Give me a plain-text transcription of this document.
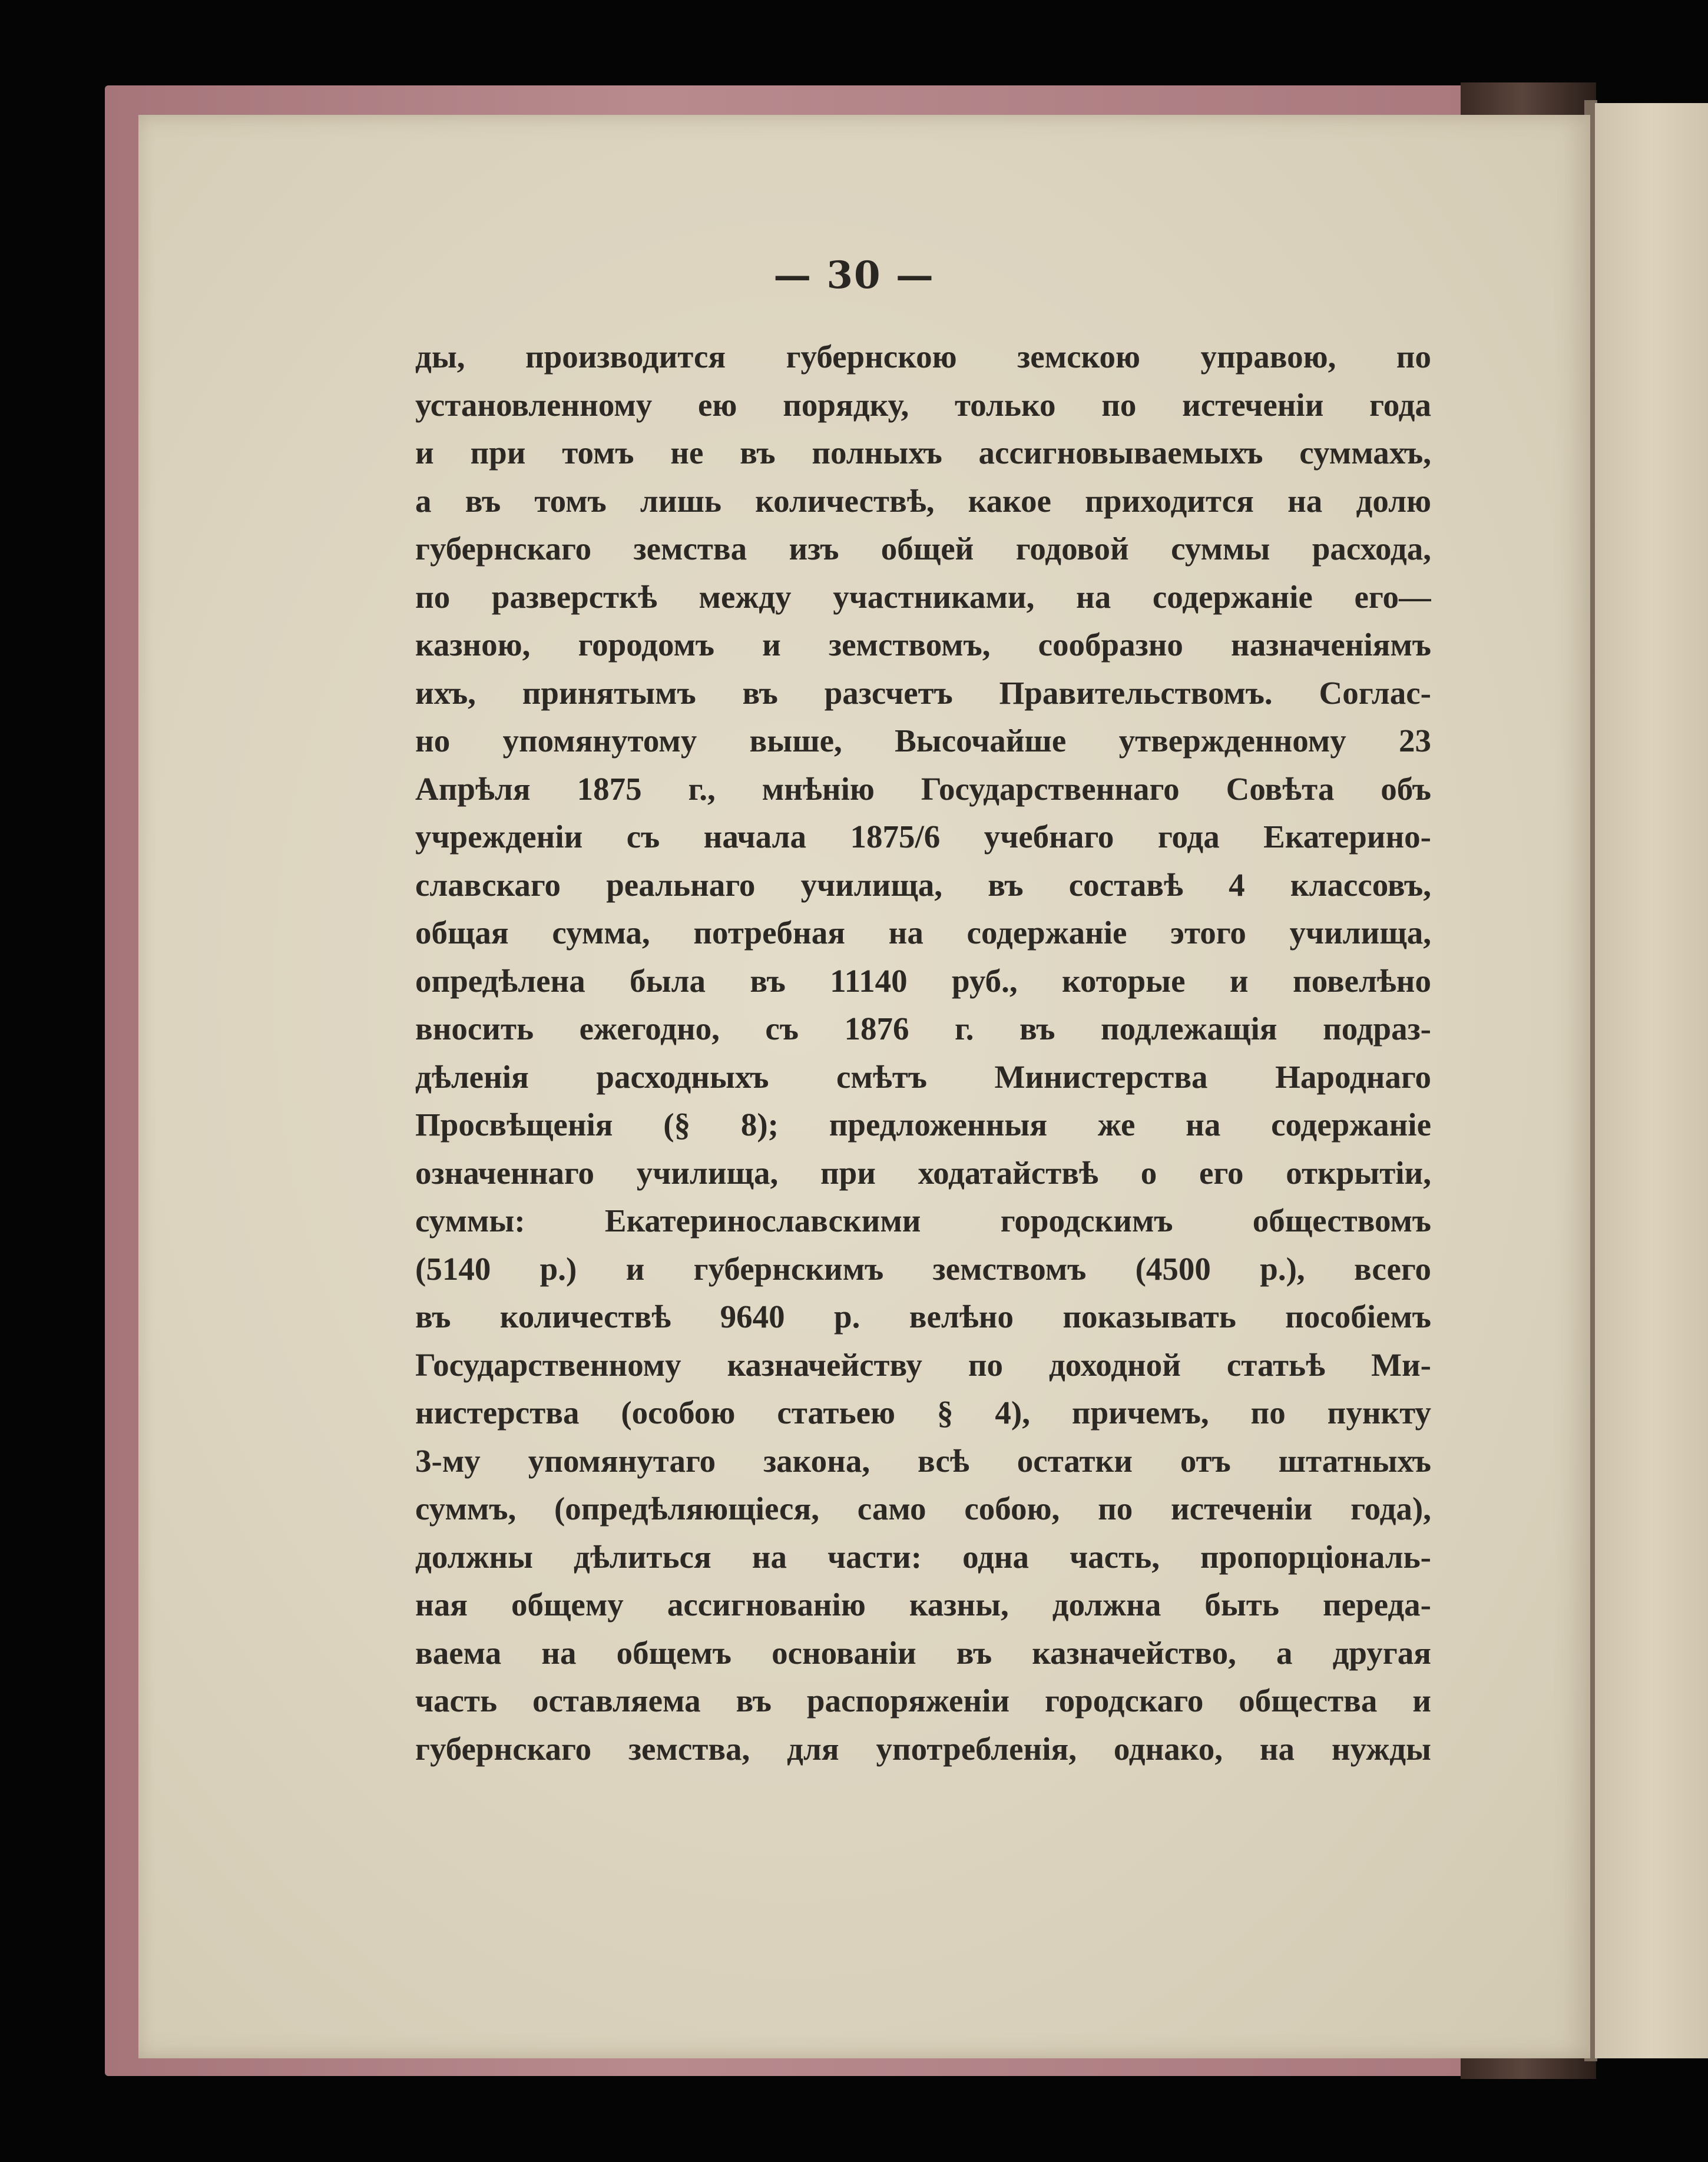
— 30 —
ды, производится губернскою земскою управою, по
установленному ею порядку, только по истеченіи года
и при томъ не въ полныхъ ассигновываемыхъ суммахъ,
а въ томъ лишь количествѣ, какое приходится на долю
губернскаго земства изъ общей годовой суммы расхода,
по разверсткѣ между участниками, на содержаніе его—
казною, городомъ и земствомъ, сообразно назначеніямъ
ихъ, принятымъ въ разсчетъ Правительствомъ. Соглас-
но упомянутому выше, Высочайше утвержденному 23
Апрѣля 1875 г., мнѣнію Государственнаго Совѣта объ
учрежденіи съ начала 1875/6 учебнаго года Екатерино-
славскаго реальнаго училища, въ составѣ 4 классовъ,
общая сумма, потребная на содержаніе этого училища,
опредѣлена была въ 11140 руб., которые и повелѣно
вносить ежегодно, съ 1876 г. въ подлежащія подраз-
дѣленія расходныхъ смѣтъ Министерства Народнаго
Просвѣщенія (§ 8); предложенныя же на содержаніе
означеннаго училища, при ходатайствѣ о его открытіи,
суммы: Екатеринославскими городскимъ обществомъ
(5140 р.) и губернскимъ земствомъ (4500 р.), всего
въ количествѣ 9640 р. велѣно показывать пособіемъ
Государственному казначейству по доходной статьѣ Ми-
нистерства (особою статьею § 4), причемъ, по пункту
3-му упомянутаго закона, всѣ остатки отъ штатныхъ
суммъ, (опредѣляющіеся, само собою, по истеченіи года),
должны дѣлиться на части: одна часть, пропорціональ-
ная общему ассигнованію казны, должна быть переда-
ваема на общемъ основаніи въ казначейство, а другая
часть оставляема въ распоряженіи городскаго общества и
губернскаго земства, для употребленія, однако, на нужды
